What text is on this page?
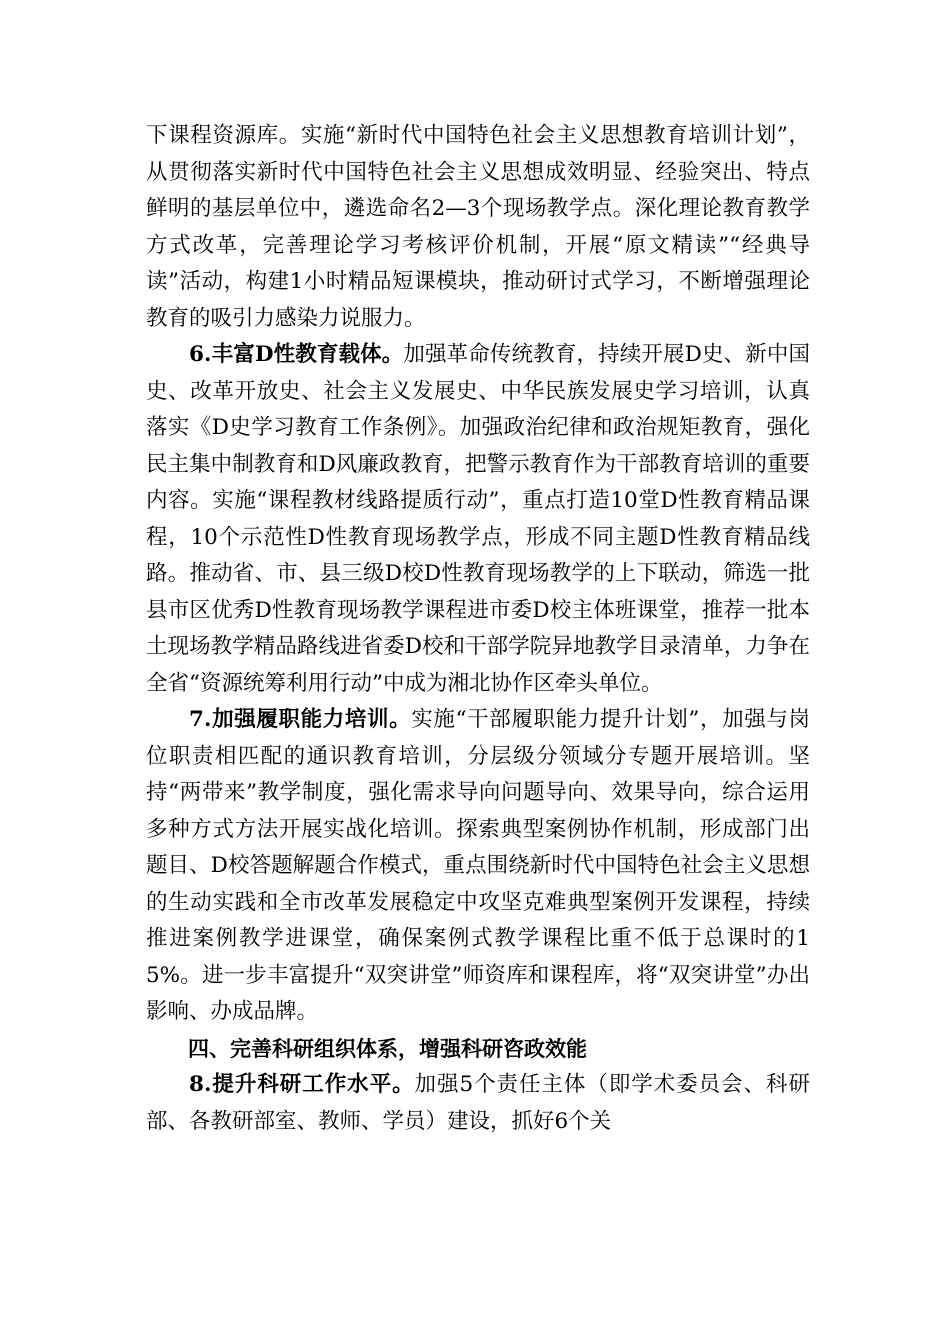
下课程资源库。实施“新时代中国特色社会主义思想教育培训计划”，从贯彻落实新时代中国特色社会主义思想成效明显、经验突出、特点鲜明的基层单位中，遴选命名2—3个现场教学点。深化理论教育教学方式改革，完善理论学习考核评价机制，开展“原文精读”“经典导读”活动，构建1小时精品短课模块，推动研讨式学习，不断增强理论教育的吸引力感染力说服力。

6.丰富D性教育载体。加强革命传统教育，持续开展D史、新中国史、改革开放史、社会主义发展史、中华民族发展史学习培训，认真落实《D史学习教育工作条例》。加强政治纪律和政治规矩教育，强化民主集中制教育和D风廉政教育，把警示教育作为干部教育培训的重要内容。实施“课程教材线路提质行动”，重点打造10堂D性教育精品课程，10个示范性D性教育现场教学点，形成不同主题D性教育精品线路。推动省、市、县三级D校D性教育现场教学的上下联动，筛选一批县市区优秀D性教育现场教学课程进市委D校主体班课堂，推荐一批本土现场教学精品路线进省委D校和干部学院异地教学目录清单，力争在全省“资源统筹利用行动”中成为湘北协作区牵头单位。

7.加强履职能力培训。实施“干部履职能力提升计划”，加强与岗位职责相匹配的通识教育培训，分层级分领域分专题开展培训。坚持“两带来”教学制度，强化需求导向问题导向、效果导向，综合运用多种方式方法开展实战化培训。探索典型案例协作机制，形成部门出题目、D校答题解题合作模式，重点围绕新时代中国特色社会主义思想的生动实践和全市改革发展稳定中攻坚克难典型案例开发课程，持续推进案例教学进课堂，确保案例式教学课程比重不低于总课时的15%。进一步丰富提升“双突讲堂”师资库和课程库，将“双突讲堂”办出影响、办成品牌。

四、完善科研组织体系，增强科研咨政效能

8.提升科研工作水平。加强5个责任主体（即学术委员会、科研部、各教研部室、教师、学员）建设，抓好6个关
